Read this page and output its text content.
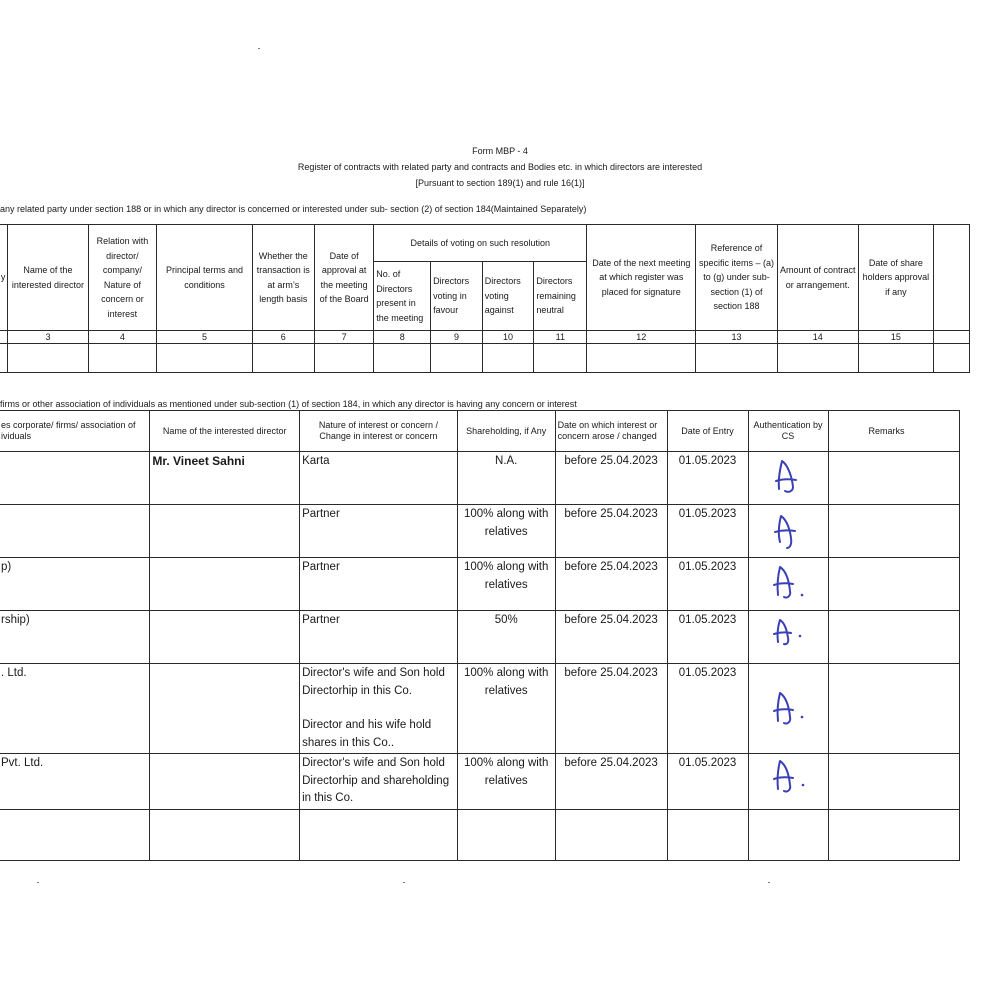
Form MBP - 4
Register of contracts with related party and contracts and Bodies etc. in which directors are interested
[Pursuant to section 189(1) and rule 16(1)]
any related party under section 188 or in which any director is concerned or interested under sub- section (2) of section 184(Maintained Separately)
y	Name of the interested director	Relation with director/ company/ Nature of concern or interest	Principal terms and conditions	Whether the transaction is at arm’s length basis	Date of approval at the meeting of the Board	Details of voting on such resolution				Date of the next meeting at which register was placed for signature	Reference of specific items – (a) to (g) under sub-section (1) of section 188	Amount of contract or arrangement.	Date of share holders approval if any	
						No. of Directors present in the meeting	Directors voting in favour	Directors voting against	Directors remaining neutral					
	3	4	5	6	7	8	9	10	11	12	13	14	15	

firms or other association of individuals as mentioned under sub-section (1) of section 184, in which any director is having any concern or interest
es corporate/ firms/ association of ividuals	Name of the interested director	Nature of interest or concern / Change in interest or concern	Shareholding, if Any	Date on which interest or concern arose / changed	Date of Entry	Authentication by CS	Remarks
	Mr. Vineet Sahni	Karta	N.A.	before 25.04.2023	01.05.2023	

		Partner	100% along with relatives	before 25.04.2023	01.05.2023	

p)		Partner	100% along with relatives	before 25.04.2023	01.05.2023	

rship)		Partner	50%	before 25.04.2023	01.05.2023	

. Ltd.		Director's wife and Son hold Directorhip in this Co.
Director and his wife hold shares in this Co..	100% along with relatives	before 25.04.2023	01.05.2023	

Pvt. Ltd.		Director's wife and Son hold Directorhip and shareholding in this Co.	100% along with relatives	before 25.04.2023	01.05.2023	
